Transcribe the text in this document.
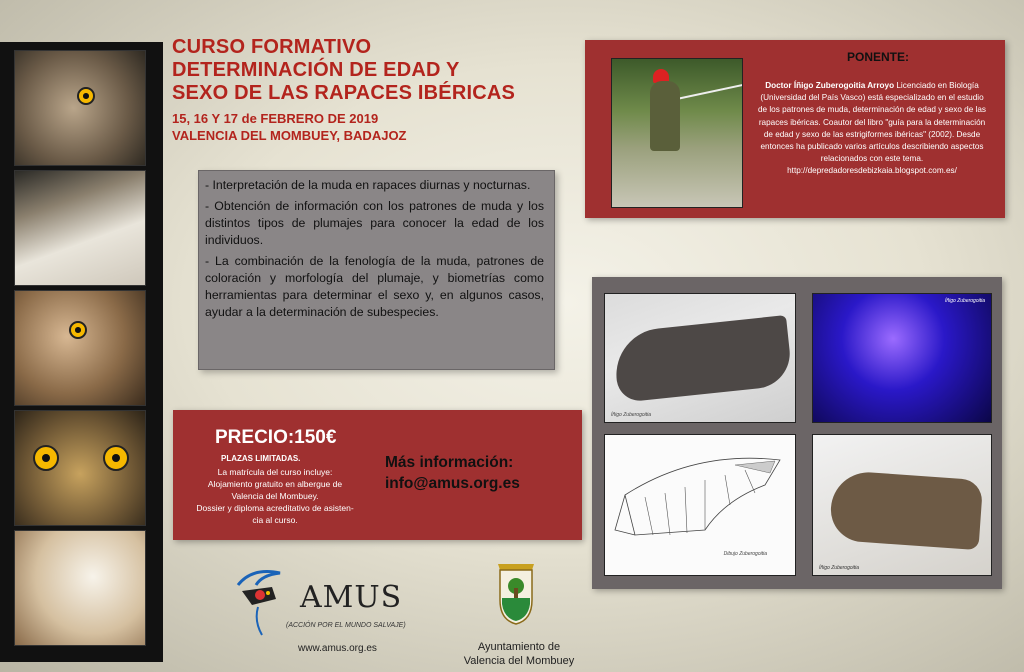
CURSO FORMATIVO
DETERMINACIÓN DE EDAD Y
SEXO DE LAS RAPACES IBÉRICAS
15, 16 Y 17 de FEBRERO DE 2019
VALENCIA DEL MOMBUEY, BADAJOZ

- Interpretación de la muda en rapaces diurnas y nocturnas.

- Obtención de información con los patrones de muda y los distintos tipos de plumajes para conocer la edad de los individuos.

- La combinación de la fenología de la muda, patrones de coloración y morfología del plumaje, y biometrías como herramientas para determinar el sexo y, en algunos casos, ayudar a la determinación de subespecies.

PRECIO:150€
PLAZAS LIMITADAS.
La matrícula del curso incluye:
Alojamiento gratuito en albergue de
Valencia del Mombuey.
Dossier y diploma acreditativo de asisten-
cia al curso.
Más información:
info@amus.org.es
PONENTE:
Doctor Íñigo Zuberogoitia Arroyo Licenciado en Biología (Universidad del País Vasco) está especializado en el estudio de los patrones de muda, determinación de edad y sexo de las rapaces ibéricas. Coautor del libro "guía para la determinación de edad y sexo de las estrigiformes ibéricas" (2002). Desde entonces ha publicado varios artículos describiendo aspectos relacionados con este tema.
http://depredadoresdebizkaia.blogspot.com.es/
Íñigo Zuberogoitia
Íñigo Zuberogoitia
Dibujo Zuberogoitia
Íñigo Zuberogoitia
AMUS
(ACCIÓN POR EL MUNDO SALVAJE)
www.amus.org.es	Ayuntamiento de
Valencia del Mombuey
